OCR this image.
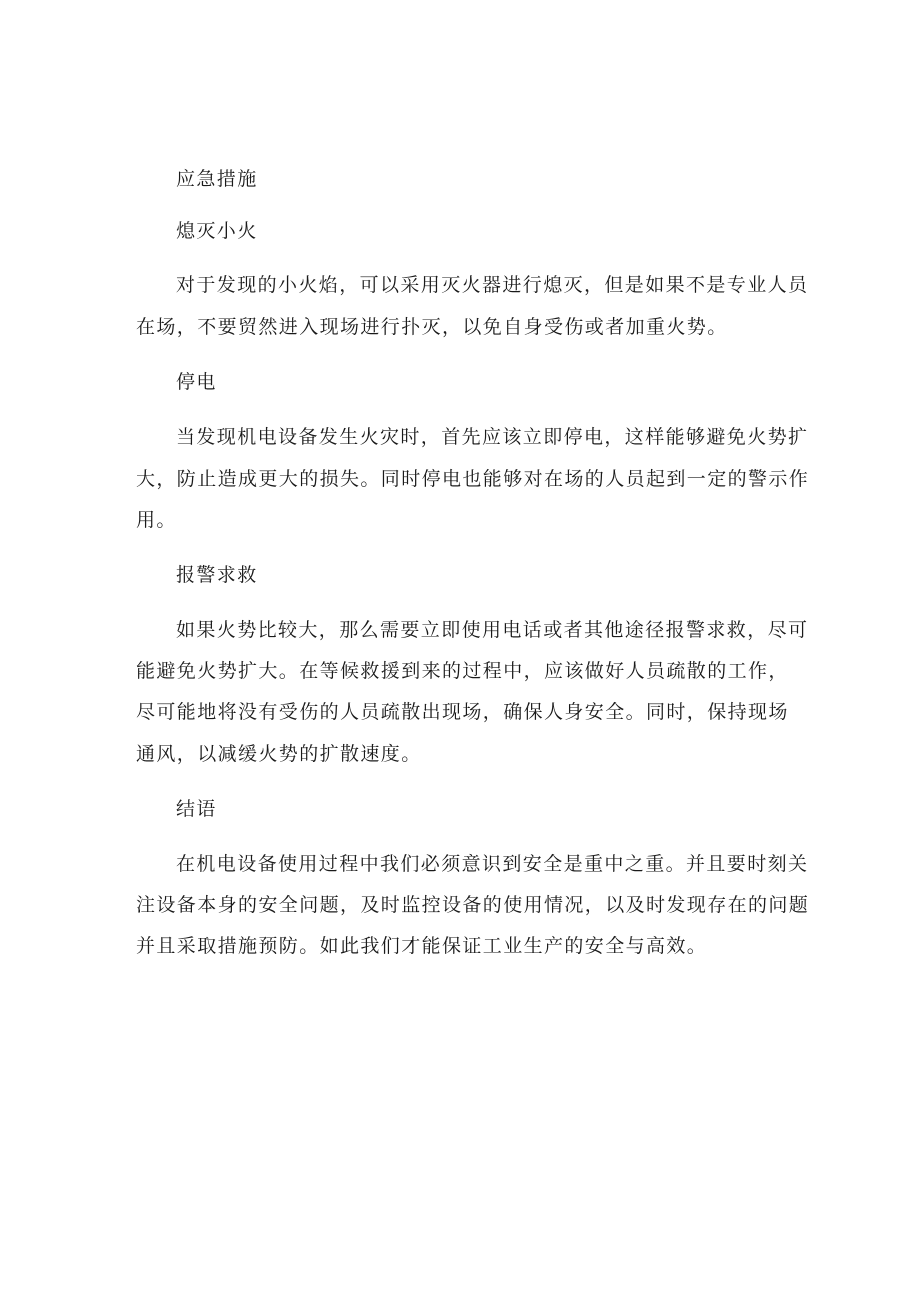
应急措施
熄灭小火
对于发现的小火焰，可以采用灭火器进行熄灭，但是如果不是专业人员
在场，不要贸然进入现场进行扑灭，以免自身受伤或者加重火势。
停电
当发现机电设备发生火灾时，首先应该立即停电，这样能够避免火势扩
大，防止造成更大的损失。同时停电也能够对在场的人员起到一定的警示作
用。
报警求救
如果火势比较大，那么需要立即使用电话或者其他途径报警求救，尽可
能避免火势扩大。在等候救援到来的过程中，应该做好人员疏散的工作，
尽可能地将没有受伤的人员疏散出现场，确保人身安全。同时，保持现场
通风，以减缓火势的扩散速度。
结语
在机电设备使用过程中我们必须意识到安全是重中之重。并且要时刻关
注设备本身的安全问题，及时监控设备的使用情况，以及时发现存在的问题
并且采取措施预防。如此我们才能保证工业生产的安全与高效。
